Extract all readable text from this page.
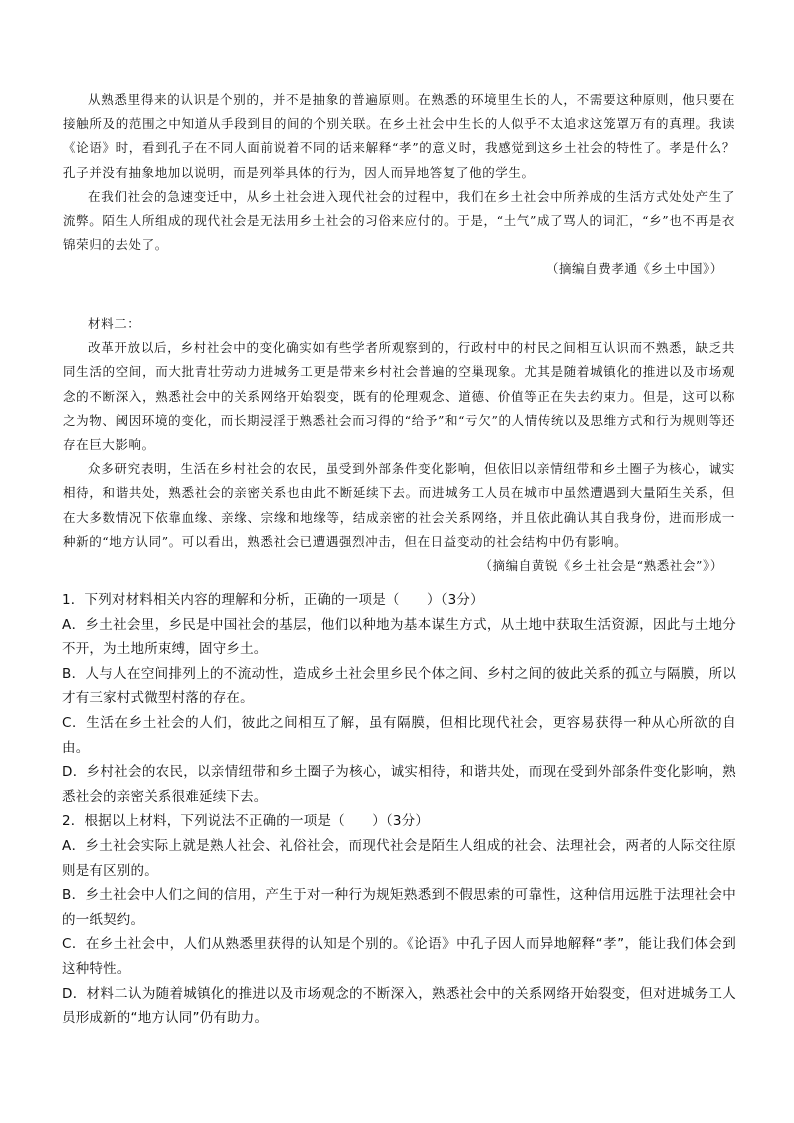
从熟悉里得来的认识是个别的，并不是抽象的普遍原则。在熟悉的环境里生长的人，不需要这种原则，他只要在接触所及的范围之中知道从手段到目的间的个别关联。在乡土社会中生长的人似乎不太追求这笼罩万有的真理。我读《论语》时，看到孔子在不同人面前说着不同的话来解释“孝”的意义时，我感觉到这乡土社会的特性了。孝是什么？孔子并没有抽象地加以说明，而是列举具体的行为，因人而异地答复了他的学生。

在我们社会的急速变迁中，从乡土社会进入现代社会的过程中，我们在乡土社会中所养成的生活方式处处产生了流弊。陌生人所组成的现代社会是无法用乡土社会的习俗来应付的。于是，“土气”成了骂人的词汇，“乡”也不再是衣锦荣归的去处了。

（摘编自费孝通《乡土中国》）

材料二：

改革开放以后，乡村社会中的变化确实如有些学者所观察到的，行政村中的村民之间相互认识而不熟悉，缺乏共同生活的空间，而大批青壮劳动力进城务工更是带来乡村社会普遍的空巢现象。尤其是随着城镇化的推进以及市场观念的不断深入，熟悉社会中的关系网络开始裂变，既有的伦理观念、道德、价值等正在失去约束力。但是，这可以称之为物、阈因环境的变化，而长期浸淫于熟悉社会而习得的“给予”和“亏欠”的人情传统以及思维方式和行为规则等还存在巨大影响。

众多研究表明，生活在乡村社会的农民，虽受到外部条件变化影响，但依旧以亲情纽带和乡土圈子为核心，诚实相待，和谐共处，熟悉社会的亲密关系也由此不断延续下去。而进城务工人员在城市中虽然遭遇到大量陌生关系，但在大多数情况下依靠血缘、亲缘、宗缘和地缘等，结成亲密的社会关系网络，并且依此确认其自我身份，进而形成一种新的“地方认同”。可以看出，熟悉社会已遭遇强烈冲击，但在日益变动的社会结构中仍有影响。

（摘编自黄锐《乡土社会是“熟悉社会”》）

1．下列对材料相关内容的理解和分析，正确的一项是（　　）（3分）

A．乡土社会里，乡民是中国社会的基层，他们以种地为基本谋生方式，从土地中获取生活资源，因此与土地分不开，为土地所束缚，固守乡土。

B．人与人在空间排列上的不流动性，造成乡土社会里乡民个体之间、乡村之间的彼此关系的孤立与隔膜，所以才有三家村式微型村落的存在。

C．生活在乡土社会的人们，彼此之间相互了解，虽有隔膜，但相比现代社会，更容易获得一种从心所欲的自由。

D．乡村社会的农民，以亲情纽带和乡土圈子为核心，诚实相待，和谐共处，而现在受到外部条件变化影响，熟悉社会的亲密关系很难延续下去。

2．根据以上材料，下列说法不正确的一项是（　　）（3分）

A．乡土社会实际上就是熟人社会、礼俗社会，而现代社会是陌生人组成的社会、法理社会，两者的人际交往原则是有区别的。

B．乡土社会中人们之间的信用，产生于对一种行为规矩熟悉到不假思索的可靠性，这种信用远胜于法理社会中的一纸契约。

C．在乡土社会中，人们从熟悉里获得的认知是个别的。《论语》中孔子因人而异地解释“孝”，能让我们体会到这种特性。

D．材料二认为随着城镇化的推进以及市场观念的不断深入，熟悉社会中的关系网络开始裂变，但对进城务工人员形成新的“地方认同”仍有助力。
